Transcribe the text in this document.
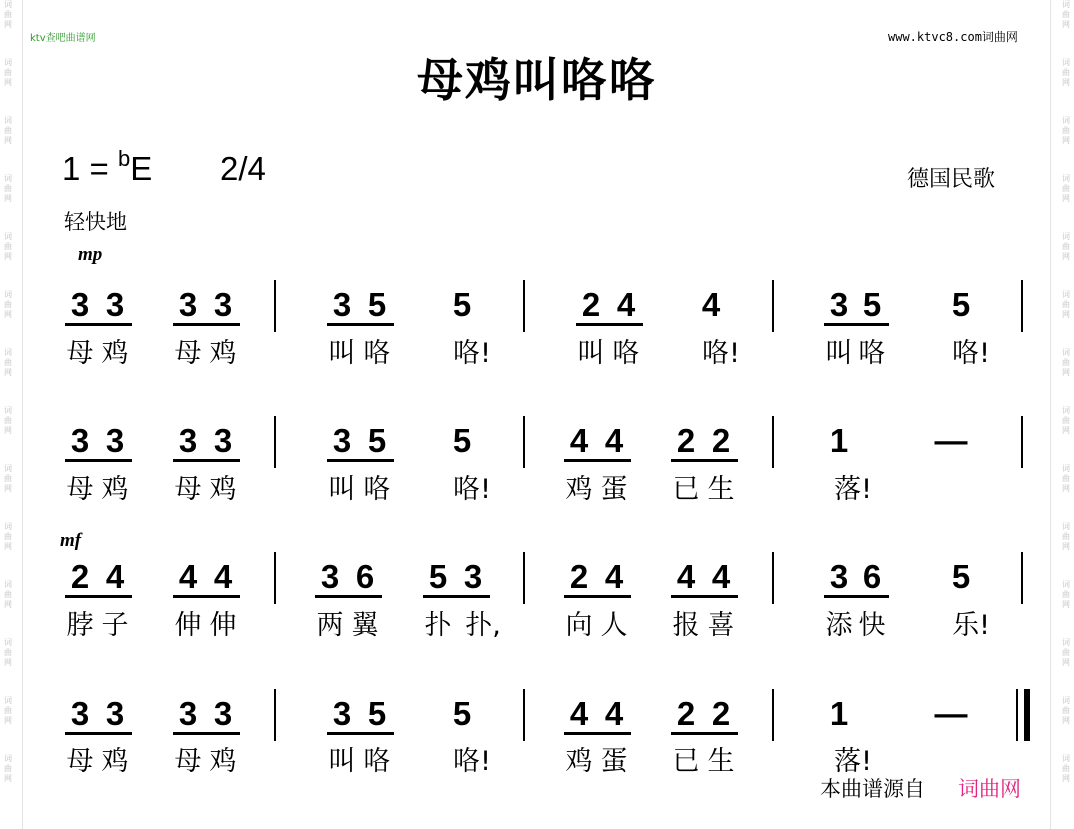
词
曲
网
词
曲
网
词
曲
网
词
曲
网
词
曲
网
词
曲
网
词
曲
网
词
曲
网
词
曲
网
词
曲
网
词
曲
网
词
曲
网
词
曲
网
词
曲
网
词
曲
网
词
曲
网
词
曲
网
词
曲
网
词
曲
网
词
曲
网
词
曲
网
词
曲
网
词
曲
网
词
曲
网
词
曲
网
词
曲
网
词
曲
网
词
曲
网
ktv查吧曲谱网	www.ktvc8.com词曲网
母鸡叫咯咯
1 = $^b$E 2/4	德国民歌
轻快地
mp
mf
3 3 3 3
母 鸡 母 鸡
3 5 5
叫 咯 咯!
2 4 4
叫 咯 咯!
3 5 5
叫 咯 咯!
3 3 3 3
母 鸡 母 鸡
3 5 5
叫 咯 咯!
4 4 2 2
鸡 蛋 已 生
1	—
落!
2 4 4 4
脖 子 伸 伸
3 6 5 3
两 翼 扑 扑,
2 4 4 4
向 人 报 喜
3 6 5
添 快 乐!
3 3 3 3
母 鸡 母 鸡
3 5 5
叫 咯 咯!
4 4 2 2
鸡 蛋 已 生
1	—
落!
本曲谱源自 词曲网
